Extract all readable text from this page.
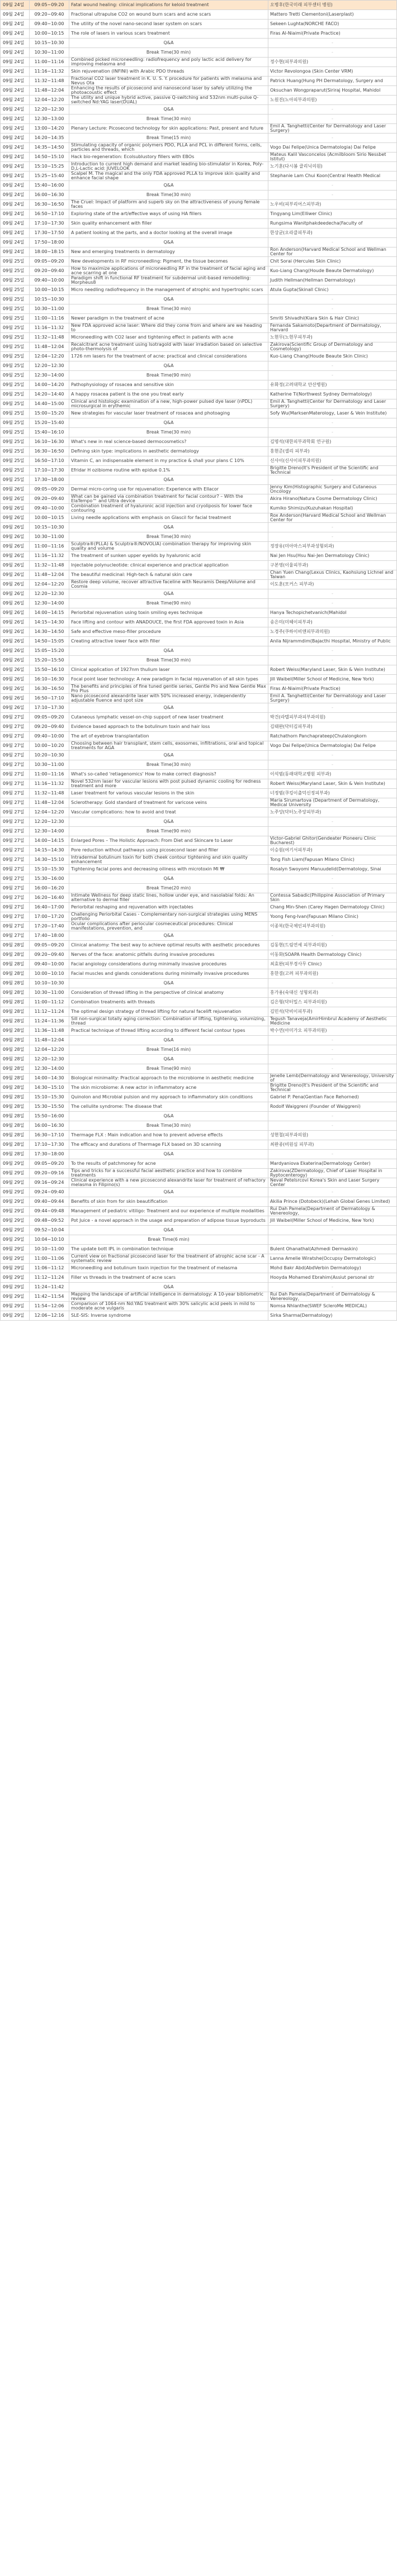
09월 24일	09:05~09:20	Fatal wound healing: clinical implications for keloid treatment	오병후(한국미래 피부센터 병원)
09월 24일	09:20~09:40	Fractional ultrapulse CO2 on wound burn scars and acne scars	Mattero Tretti Clementoni(Laserplast)
09월 24일	09:40~10:00	The utility of the novel nano-second laser system on scars	Sekeen Lughta(NORCHE FACO)
09월 24일	10:00~10:15	The role of lasers in various scars treatment	Firas Al-Niaimi(Private Practice)
09월 24일	10:15~10:30	Q&A	-
09월 24일	10:30~11:00	Break Time(30 min)	-
09월 24일	11:00~11:16	Combined picked microneedling: radiofrequency and poly lactic acid delivery for improving melasma and	정수현(피부과의원)
09월 24일	11:16~11:32	Skin rejuvenation (INFINI) with Arabic PDO threads	Victor Revolongoa (Skin Center VRM)
09월 24일	11:32~11:48	Fractional CO2 laser treatment in K. U. S. Y. procedure for patients with melasma and Nevus Ota	Patrick Huang(Hung PH Dermatology, Surgery and
09월 24일	11:48~12:04	Enhancing the results of picosecond and nanosecond laser by safely utilizing the photoacoustic effect	Oksuchan Wongpraparut(Siriraj Hospital, Mahidol
09월 24일	12:04~12:20	The utility and unique hybrid active, passive Q-switching and 532nm multi-pulse Q-switched Nd:YAG laser(DUAL)	노원진(노아피부과의원)
09월 24일	12:20~12:30	Q&A	-
09월 24일	12:30~13:00	Break Time(30 min)	-
09월 24일	13:00~14:20	Plenary Lecture: Picosecond technology for skin applications: Past, present and future	Emil A. Tanghetti(Center for Dermatology and Laser Surgery)
09월 24일	14:20~14:35	Break Time(15 min)	-
09월 24일	14:35~14:50	Stimulating capacity of organic polymers PDO, PLLA and PCL in different forms, cells, particles and threads, which	Vogo Dai Felipe(Unica Dermatologia) Dai Felipe
09월 24일	14:50~15:10	Hack bio-regeneration: Ecolsublustory fillers with EBOs	Mateus Kalil Vasconcelos (Acmilbloom Sirio Nessbet Istitut)
09월 24일	15:10~15:25	Introduction to current high demand and market leading bio-stimulator in Korea, Poly-D,L-Lactic acid: JUVELOOK	노기훈(다시봄 클리닉의원)
09월 24일	15:25~15:40	Scalpel M. The magical and the only FDA approved PLLA to improve skin quality and enhance facial shape	Stephanie Lam Chui Koon(Central Health Medical
09월 24일	15:40~16:00	Q&A	-
09월 24일	16:00~16:30	Break Time(30 min)	-
09월 24일	16:30~16:50	The Cruel: Impact of platform and superb sky on the attractiveness of young female faces	노우비(피부리어스피부과)
09월 24일	16:50~17:10	Exploring state of the art/effective ways of using HA fillers	Tingyang Lim(Elliwer Clinic)
09월 24일	17:10~17:30	Skin quality enhancement with filler	Rungsima Wanitphakdeedecha(Faculty of
09월 24일	17:30~17:50	A patient looking at the parts, and a doctor looking at the overall image	한상균(오라클피부과)
09월 24일	17:50~18:00	Q&A	-
09월 24일	18:00~18:15	New and emerging treatments in dermatology	Ron Anderson(Harvard Medical School and Wellman Center for
09월 25일	09:05~09:20	New developments in RF microneedling: Pigment, the tissue becomes	Chit Sorai (Hercules Skin Clinic)
09월 25일	09:20~09:40	How to maximize applications of microneedling RF in the treatment of facial aging and acne scarring at one	Kuo-Liang Chang(Houde Beaute Dermatology)
09월 25일	09:40~10:00	Paradigm shift in functional RF treatment for subdermal unit-based remodelling: Morpheus8	Judith Hellman(Hellman Dermatology)
09월 25일	10:00~10:15	Micro needling radiofrequency in the management of atrophic and hypertrophic scars	Atula Gupta(Skinall Clinic)
09월 25일	10:15~10:30	Q&A	-
09월 25일	10:30~11:00	Break Time(30 min)	-
09월 25일	11:00~11:16	Newer paradigm in the treatment of acne	Smriti Shivadhi(Kiara Skin & Hair Clinic)
09월 25일	11:16~11:32	New FDA approved acne laser: Where did they come from and where are we heading to	Fernanda Sakamoto(Department of Dermatology, Harvard
09월 25일	11:32~11:48	Microneedling with CO2 laser and tightening effect in patients with acne	노현무(노현무피부과)
09월 25일	11:48~12:04	Recalcitrant acne treatment using Isotragold with laser irradiation based on selective photo-thermolysis of	Zakirova(Scientific Group of Dermatology and Cosmetology)
09월 25일	12:04~12:20	1726 nm lasers for the treatment of acne: practical and clinical considerations	Kuo-Liang Chang(Houde Beaute Skin Clinic)
09월 25일	12:20~12:30	Q&A	-
09월 25일	12:30~14:00	Break Time(90 min)	-
09월 25일	14:00~14:20	Pathophysiology of rosacea and sensitive skin	유화정(고려대학교 안산병원)
09월 25일	14:20~14:40	A happy rosacea patient is the one you treat early	Katherine Ti(Northwest Sydney Dermatology)
09월 25일	14:40~15:00	Clinical and histologic examination of a new, high-power pulsed dye laser (nPDL) microsurgical in erythemic	Emil A. Tanghetti(Center for Dermatology and Laser Surgery)
09월 25일	15:00~15:20	New strategies for vascular laser treatment of rosacea and photoaging	Sofy Wu(MarksenMaterology, Laser & Vein Institute)
09월 25일	15:20~15:40	Q&A	-
09월 25일	15:40~16:10	Break Time(30 min)	-
09월 25일	16:10~16:30	What's new in real science-based dermocosmetics?	김명석(대한피부과학회 연구원)
09월 25일	16:30~16:50	Defining skin type: implications in aesthetic dermatology	홍현준(셀리 피부과)
09월 25일	16:50~17:10	Vitamin C, an indispensable element in my practice & shall your plans C 10%	신사이(신사이피부과의원)
09월 25일	17:10~17:30	Efridar H ozibiome routine with epidue 0.1%	Brigitte Dreno(It's President of the Scientific and Technical
09월 25일	17:30~18:00	Q&A	-
09월 26일	09:05~09:20	Dermal micro-coring use for rejuvenation: Experience with Ellacor	Jenny Kim(Histographic Surgery and Cutaneous Oncology
09월 26일	09:20~09:40	What can be gained via combination treatment for facial contour? – With the ElaTempo™ and Ultra device	Akira Hirano(Natura Cosme Dermatology Clinic)
09월 26일	09:40~10:00	Combination treatment of hyaluronic acid injection and cryoliposis for lower face contouring	Kumiko Shimizu(Kuzuhakan Hospital)
09월 26일	10:00~10:15	Living needle applications with emphasis on Glascil for facial treatment	Rox Anderson(Harvard Medical School and Wellman Center for
09월 26일	10:15~10:30	Q&A	-
09월 26일	10:30~11:00	Break Time(30 min)	-
09월 26일	11:00~11:16	Sculptra®(PLLA) & Sculptra®/NOVOLIA) combination therapy for improving skin quality and volume	정장유(미아마스피부과성형외과)
09월 26일	11:16~11:32	The treatment of sunken upper eyelids by hyaluronic acid	Nai Jen Hsu(Hsu Nai-Jen Dermatology Clinic)
09월 26일	11:32~11:48	Injectable polynucleotide: clinical experience and practical application	구본영(이율피부과)
09월 26일	11:48~12:04	The beautiful medicinal: High-tech & natural skin care	Chan Yuen Chang(Lexus Clinics, Kaohsiung Lichnel and Taiwan
09월 26일	12:04~12:20	Restore deep volume, recover attractive faceline with Neuramis Deep/Volume and Cosmia	이도훈(모커스 피부과)
09월 26일	12:20~12:30	Q&A	-
09월 26일	12:30~14:00	Break Time(90 min)	-
09월 26일	14:00~14:15	Periorbital rejuvenation using toxin smiling eyes technique	Hanya Techopichetvanich(Mahidol
09월 26일	14:15~14:30	Face lifting and contour with ANADOUCE, the first FDA approved toxin in Asia	송은미(미헤이피부과)
09월 26일	14:30~14:50	Safe and effective meso-filler procedure	노경주(쿠하이비앤피부과의원)
09월 26일	14:50~15:05	Creating attractive lower face with filler	Anila Nijrammdim(Bajacthi Hospital, Ministry of Public
09월 26일	15:05~15:20	Q&A	-
09월 26일	15:20~15:50	Break Time(30 min)	-
09월 26일	15:50~16:10	Clinical application of 1927nm thulium laser	Robert Weiss(Maryland Laser, Skin & Vein Institute)
09월 26일	16:10~16:30	Focal point laser technology: A new paradigm in facial rejuvenation of all skin types	Jill Waibel(Miller School of Medicine, New York)
09월 26일	16:30~16:50	The benefits and principles of fine tuned gentle series, Gentle Pro and New Gentle Max Pro Plus	Firas Al-Niaimi(Private Practice)
09월 26일	16:50~17:10	Nano picosecond alexandrite laser with 50% increased energy, independently adjustable fluence and spot size	Emil A. Tanghetti(Center for Dermatology and Laser Surgery)
09월 26일	17:10~17:30	Q&A	-
09월 27일	09:05~09:20	Cutaneous lymphatic vessel-on-chip support of new laser treatment	박건(라텔피부과피부과의원)
09월 27일	09:20~09:40	Evidence based approach to the botulinum toxin and hair loss	김태완(닥터김피부과)
09월 27일	09:40~10:00	The art of eyebrow transplantation	Ratchathorn Panchaprateep(Chulalongkorn
09월 27일	10:00~10:20	Choosing between hair transplant, stem cells, exosomes, infiltrations, oral and topical treatments for AGA	Vogo Dai Felipe(Unica Dermatologia) Dai Felipe
09월 27일	10:20~10:30	Q&A	-
09월 27일	10:30~11:00	Break Time(30 min)	-
09월 27일	11:00~11:16	What's so-called 'retiagenomics' How to make correct diagnosis?	이석범(동래대학교병원 피부과)
09월 27일	11:16~11:32	Novel 532nm laser for vascular lesions with post pulsed dynamic cooling for redness treatment and more	Robert Weiss(Maryland Laser, Skin & Vein Institute)
09월 27일	11:32~11:48	Laser treatment for various vascular lesions in the skin	너정범(쿠킹이출덕신정피부과)
09월 27일	11:48~12:04	Sclerotherapy: Gold standard of treatment for varicose veins	Maria Sirumartova (Department of Dermatology, Medical University
09월 27일	12:04~12:20	Vascular complications: how to avoid and treat	노주앙(닥터노주앙피부과)
09월 27일	12:20~12:30	Q&A	-
09월 27일	12:30~14:00	Break Time(90 min)	-
09월 27일	14:00~14:15	Enlarged Pores – The Holistic Approach: From Diet and Skincare to Laser	Victor-Gabriel Ghitor(Gendeater Pioneeru Clinic Bucharest)
09월 27일	14:15~14:30	Pore reduction without pathways using picosecond laser and filler	이승원(여기서피부과)
09월 27일	14:30~15:10	Intradermal botulinum toxin for both cheek contour tightening and skin quality enhancement	Tong Fish Liam(Fapusan Milano Clinic)
09월 27일	15:10~15:30	Tightening facial pores and decreasing oiliness with microtoxin MI ₩	Rosalyn Swoyomi Manuudelid(Dermatology, Sinai
09월 27일	15:30~16:00	Q&A	-
09월 27일	16:00~16:20	Break Time(20 min)	-
09월 27일	16:20~16:40	Intimate Wellness for deep static lines, hollow under eye, and nasolabial folds: An alternative to dermal filler	Contessa Sabadic(Philippine Association of Primary Skin
09월 27일	16:40~17:00	Periorbital reshaping and rejuvenation with injectables	Chang Min-Shen (Carey Hagen Dermatology Clinic)
09월 27일	17:00~17:20	Challenging Periorbital Cases - Complementary non-surgical strategies using MENS portfolio	Yoong Feng-Ivan(Fapusan Milano Clinic)
09월 27일	17:20~17:40	Ocular complications after periocular cosmeceutical procedures: Clinical manifestations, prevention, and	이종복(한국체인피부과의원)
09월 27일	17:40~18:00	Q&A	-
09월 28일	09:05~09:20	Clinical anatomy: The best way to achieve optimal results with aesthetic procedures	김동현(드림연세 피부과의원)
09월 28일	09:20~09:40	Nerves of the face: anatomic pitfalls during invasive procedures	이동화(SOAPA Health Dermatology Clinic)
09월 28일	09:40~10:00	Facial angiology considerations during minimally invasive procedures	최효완(피부경사무 Clinic)
09월 28일	10:00~10:10	Facial muscles and glands considerations during minimally invasive procedures	홍한결(고려 피부과의원)
09월 28일	10:10~10:30	Q&A	-
09월 28일	10:30~11:00	Consideration of thread lifting in the perspective of clinical anatomy	홍가용(숙대신 성형외과)
09월 28일	11:00~11:12	Combination treatments with threads	김은형(닥터밀스 피부과의원)
09월 28일	11:12~11:24	The optimal design strategy of thread lifting for natural facelift rejuvenation	김민석(닥비이피부과)
09월 28일	11:24~11:36	Sill non-surgical totally aging correction: Combination of lifting, tightening, volumizing, thread	Tegush Tanaveja(AmirHimbrul Academy of Aesthetic Medicine
09월 28일	11:36~11:48	Practical technique of thread lifting according to different facial contour types	박수연(아미가오 피부과의원)
09월 28일	11:48~12:04	Q&A	-
09월 28일	12:04~12:20	Break Time(16 min)	-
09월 28일	12:20~12:30	Q&A	-
09월 28일	12:30~14:00	Break Time(90 min)	-
09월 28일	14:00~14:30	Biological minimality: Practical approach to the microbiome in aesthetic medicine	Jenelle Lemb(Dermatology and Venereology, University of
09월 28일	14:30~15:10	The skin microbiome: A new actor in inflammatory acne	Brigitte Dreno(It's President of the Scientific and Technical
09월 28일	15:10~15:30	Quinolon and Microbial pulsion and my approach to inflammatory skin conditions	Gabriel P. Pena(Gentian Face Rehorned)
09월 28일	15:30~15:50	The cellulite syndrome: The disease that	Rodolf Waiggreni (Founder of Waiggreni)
09월 28일	15:50~16:00	Q&A	-
09월 28일	16:00~16:30	Break Time(30 min)	-
09월 28일	16:30~17:10	Thermage FLX : Main indication and how to prevent adverse effects	성현철(피부과의원)
09월 28일	17:10~17:30	The efficacy and durations of Thermage FLX based on 3D scanning	최완종(비원심 피부과)
09월 28일	17:30~18:00	Q&A	-
09월 29일	09:05~09:20	To the results of patchmoney for acne	Mardyaniova Ekaterina(Dermatology Center)
09월 29일	09:20~09:16	Tips and tricks for a successful facial aesthetic practice and how to combine treatments	Zakirova(ZDermatology, Chief of Laser Hospital in Ryptocenterogy)
09월 29일	09:16~09:24	Clinical experience with a new picosecond alexandrite laser for treatment of refractory melasma in Filipino(s)	Neval Petelsrcovi Korea's Skin and Laser Surgery Center
09월 29일	09:24~09:40	Q&A	-
09월 29일	09:40~09:44	Benefits of skin from for skin beautification	Akilia Prince (Dotobeck)(Lehah Global Genes Limited)
09월 29일	09:44~09:48	Management of pediatric vitiligo: Treatment and our experience of multiple modalities	Rui Dah Pamela(Department of Dermatology & Venereology,
09월 29일	09:48~09:52	Pot Juice - a novel approach in the usage and preparation of adipose tissue byproducts	Jill Waibel(Miller School of Medicine, New York)
09월 29일	09:52~10:04	Q&A	-
09월 29일	10:04~10:10	Break Time(6 min)	-
09월 29일	10:10~11:00	The update bott IPL in combination technique	Bulent Ohanathal(Azhmedi Dermaskin)
09월 29일	11:00~11:06	Current view on fractional picosecond laser for the treatment of atrophic acne scar - A systematic review	Lanna Amelie Wiratshe(Occupsy Dermatologic)
09월 29일	11:06~11:12	Microneedling and botulinum toxin injection for the treatment of melasma	Mohd Bakr Abd(AbdVerbin Dermatology)
09월 29일	11:12~11:24	Filler vs threads in the treatment of acne scars	Hooyda Mohamed Ebrahim(Assiut personal str
09월 29일	11:24~11:42	Q&A	-
09월 29일	11:42~11:54	Mapping the landscape of artificial intelligence in dermatology: A 10-year bibliometric review	Rui Dah Pamela(Department of Dermatology & Venereology,
09월 29일	11:54~12:06	Comparison of 1064-nm Nd:YAG treatment with 30% salicylic acid peels in mild to moderate acne vulgaris	Nomsa Nhlanthe(SWEF ScleroMe MEDICAL)
09월 29일	12:06~12:16	SLE-SIS: Inverse syndrome	Sirka Sharma(Dermatology)
